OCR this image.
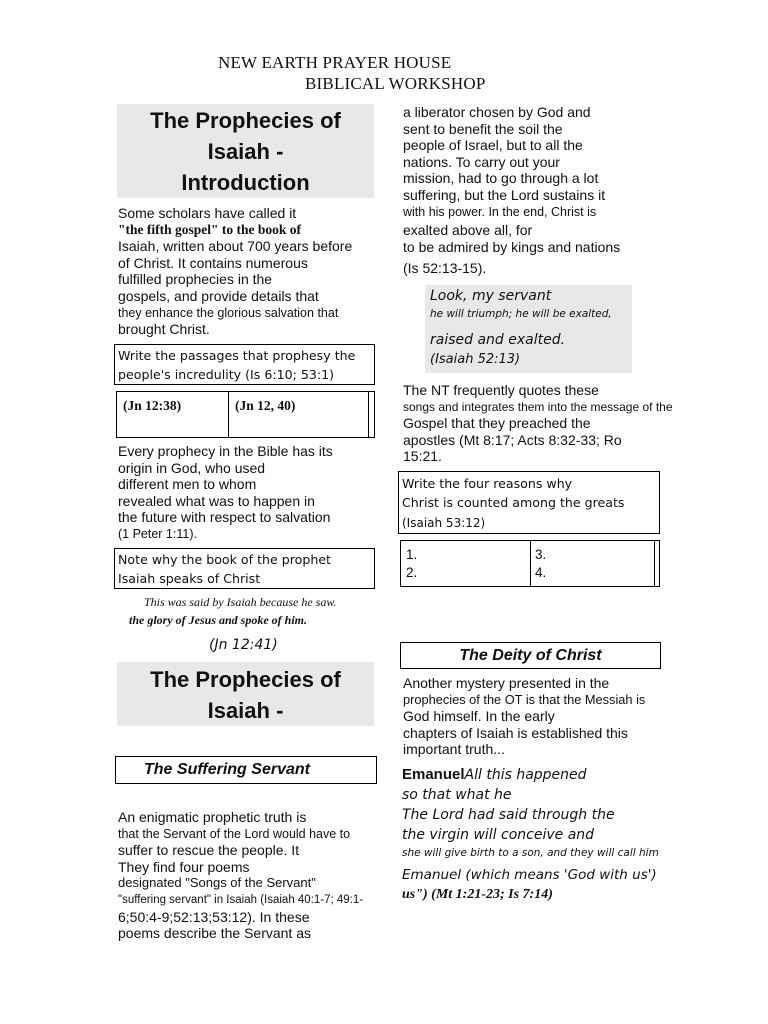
NEW EARTH PRAYER HOUSE
BIBLICAL WORKSHOP
The Prophecies of
Isaiah -
Introduction
Some scholars have called it
"the fifth gospel" to the book of
Isaiah, written about 700 years before
of Christ. It contains numerous
fulfilled prophecies in the
gospels, and provide details that
they enhance the glorious salvation that
brought Christ.
Write the passages that prophesy the
people's incredulity (Is 6:10; 53:1)
(Jn 12:38)	(Jn 12, 40)
Every prophecy in the Bible has its
origin in God, who used
different men to whom
revealed what was to happen in
the future with respect to salvation
(1 Peter 1:11).
Note why the book of the prophet
Isaiah speaks of Christ
This was said by Isaiah because he saw.
the glory of Jesus and spoke of him.
(Jn 12:41)
The Prophecies of
Isaiah -
The Suffering Servant
An enigmatic prophetic truth is
that the Servant of the Lord would have to
suffer to rescue the people. It
They find four poems
designated "Songs of the Servant"
"suffering servant" in Isaiah (Isaiah 40:1-7; 49:1-
6;50:4-9;52:13;53:12). In these
poems describe the Servant as
a liberator chosen by God and
sent to benefit the soil the
people of Israel, but to all the
nations. To carry out your
mission, had to go through a lot
suffering, but the Lord sustains it
with his power. In the end, Christ is
exalted above all, for
to be admired by kings and nations
(Is 52:13-15).
Look, my servant
he will triumph; he will be exalted,
raised and exalted.
(Isaiah 52:13)
The NT frequently quotes these
songs and integrates them into the message of the
Gospel that they preached the
apostles (Mt 8:17; Acts 8:32-33; Ro
15:21.
Write the four reasons why
Christ is counted among the greats
(Isaiah 53:12)
1.
2.
3.
4.
The Deity of Christ
Another mystery presented in the
prophecies of the OT is that the Messiah is
God himself. In the early
chapters of Isaiah is established this
important truth...
EmanuelAll this happened
so that what he
The Lord had said through the
the virgin will conceive and
she will give birth to a son, and they will call him
Emanuel (which means 'God with us')
us") (Mt 1:21-23; Is 7:14)
